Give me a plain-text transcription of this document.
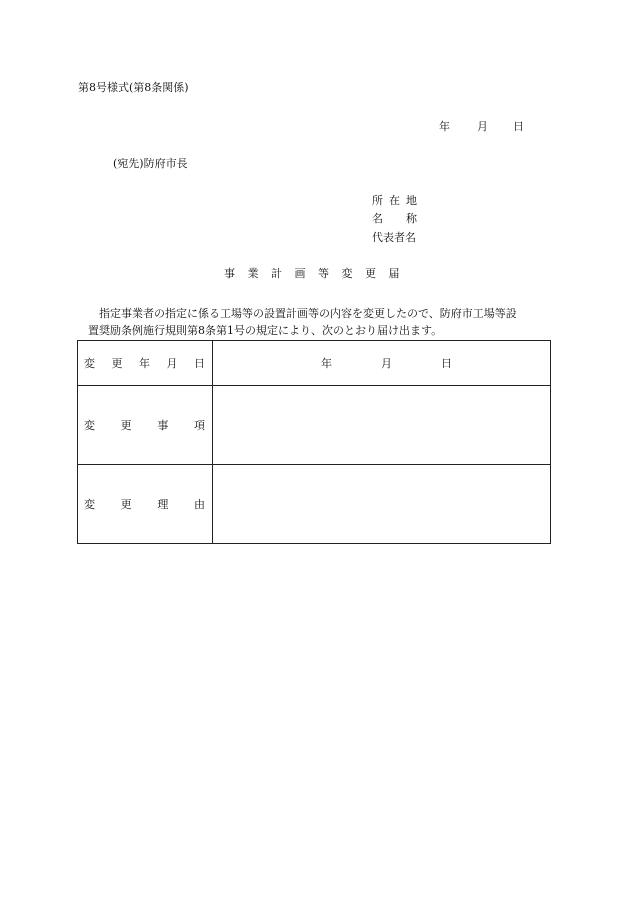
第8号様式(第8条関係)
年	月	日
(宛先)防府市長
所在地
名 称
代表者名
事業計画等変更届
指定事業者の指定に係る工場等の設置計画等の内容を変更したので、防府市工場等設
置奨励条例施行規則第8条第1号の規定により、次のとおり届け出ます。
変 更 年 月 日	年 月 日

変 更 事 項	

変 更 理 由	
